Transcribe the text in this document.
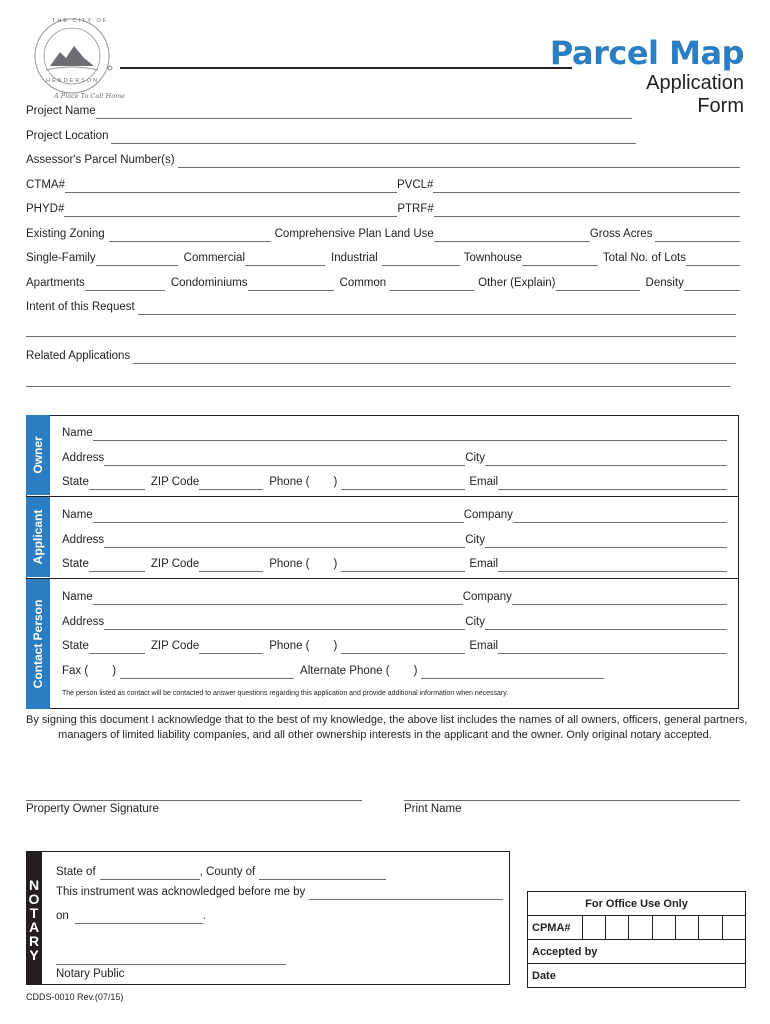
THE CITY OF
HENDERSON
A Place To Call Home
Parcel Map
Application
Form
Project Name
Project Location
Assessor's Parcel Number(s)
CTMA#	PVCL#
PHYD#	PTRF#
Existing Zoning	Comprehensive Plan Land Use	Gross Acres
Single-Family	Commercial	Industrial	Townhouse	Total No. of Lots
Apartments	Condominiums	Common	Other (Explain)	Density
Intent of this Request
Related Applications
Owner
Applicant
Contact Person
Name
Address	City
State	ZIP Code	Phone ( )	Email
Name	Company
Address	City
State	ZIP Code	Phone ( )	Email
Name	Company
Address	City
State	ZIP Code	Phone ( )	Email
Fax ( )	Alternate Phone ( )
The person listed as contact will be contacted to answer questions regarding this application and provide additional information when necessary.
By signing this document I acknowledge that to the best of my knowledge, the above list includes the names of all owners, officers, general partners,
managers of limited liability companies, and all other ownership interests in the applicant and the owner. Only original notary accepted.
Property Owner Signature	Print Name
N
O
T
A
R
Y
State of	, County of
This instrument was acknowledged before me by
on	.
Notary Public
For Office Use Only
CPMA#							
Accepted by
Date
CDDS-0010 Rev.(07/15)
